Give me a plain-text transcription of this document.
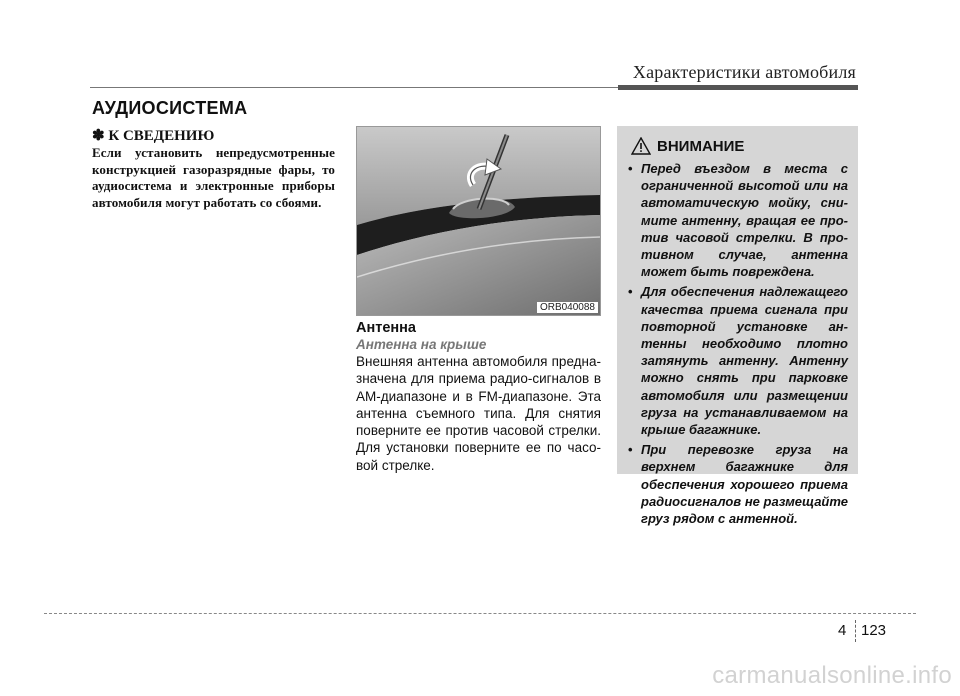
Характеристики автомобиля
АУДИОСИСТЕМА
✽ К СВЕДЕНИЮ
Если установить непредусмотренные конструкцией газоразрядные фары, то аудиосистема и электронные приборы автомобиля могут работать со сбоями.
ORB040088
Антенна
Антенна на крыше
Внешняя антенна автомобиля предназначена для приема радио-сигналов в AM-диапазоне и в FM-диапазоне. Эта антенна съемного типа. Для снятия поверните ее против часовой стрелки. Для установки поверните ее по часовой стрелке.
ВНИМАНИЕ
• Перед въездом в места с ограниченной высотой или на автоматическую мойку, снимите антенну, вращая ее против часовой стрелки. В противном случае, антенна может быть повреждена.
• Для обеспечения надлежащего качества приема сигнала при повторной установке антенны необходимо плотно затянуть антенну. Антенну можно снять при парковке автомобиля или размещении груза на устанавливаемом на крыше багажнике.
• При перевозке груза на верхнем багажнике для обеспечения хорошего приема радиосигналов не размещайте груз рядом с антенной.
4 123
carmanualsonline.info
